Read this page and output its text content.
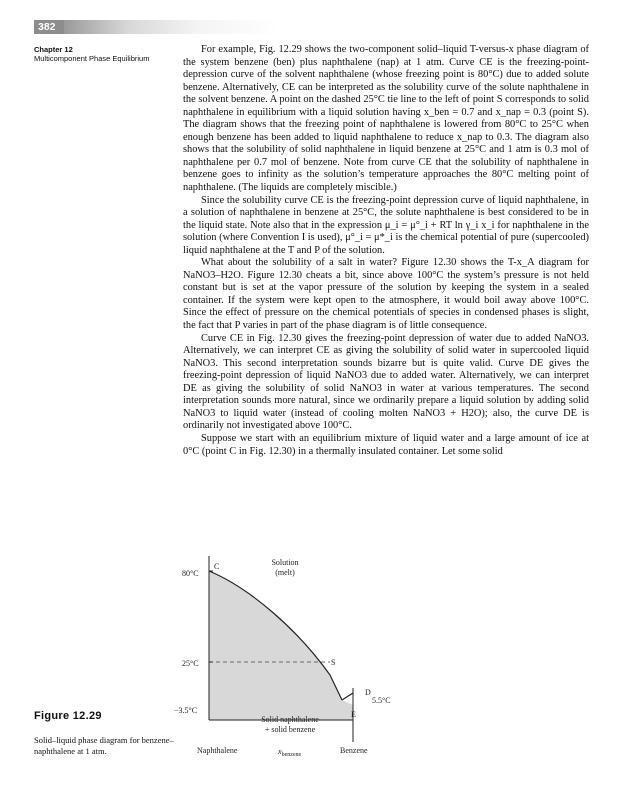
382
Chapter 12
Multicomponent Phase Equilibrium

For example, Fig. 12.29 shows the two-component solid–liquid T-versus-x phase diagram of the system benzene (ben) plus naphthalene (nap) at 1 atm. Curve CE is the freezing-point-depression curve of the solvent naphthalene (whose freezing point is 80°C) due to added solute benzene. Alternatively, CE can be interpreted as the solubility curve of the solute naphthalene in the solvent benzene. A point on the dashed 25°C tie line to the left of point S corresponds to solid naphthalene in equilibrium with a liquid solution having x_ben = 0.7 and x_nap = 0.3 (point S). The diagram shows that the freezing point of naphthalene is lowered from 80°C to 25°C when enough benzene has been added to liquid naphthalene to reduce x_nap to 0.3. The diagram also shows that the solubility of solid naphthalene in liquid benzene at 25°C and 1 atm is 0.3 mol of naphthalene per 0.7 mol of benzene. Note from curve CE that the solubility of naphthalene in benzene goes to infinity as the solution’s temperature approaches the 80°C melting point of naphthalene. (The liquids are completely miscible.)

Since the solubility curve CE is the freezing-point depression curve of liquid naphthalene, in a solution of naphthalene in benzene at 25°C, the solute naphthalene is best considered to be in the liquid state. Note also that in the expression μ_i = μ°_i + RT ln γ_i x_i for naphthalene in the solution (where Convention I is used), μ°_i = μ*_i is the chemical potential of pure (supercooled) liquid naphthalene at the T and P of the solution.

What about the solubility of a salt in water? Figure 12.30 shows the T-x_A diagram for NaNO3–H2O. Figure 12.30 cheats a bit, since above 100°C the system’s pressure is not held constant but is set at the vapor pressure of the solution by keeping the system in a sealed container. If the system were kept open to the atmosphere, it would boil away above 100°C. Since the effect of pressure on the chemical potentials of species in condensed phases is slight, the fact that P varies in part of the phase diagram is of little consequence.

Curve CE in Fig. 12.30 gives the freezing-point depression of water due to added NaNO3. Alternatively, we can interpret CE as giving the solubility of solid water in supercooled liquid NaNO3. This second interpretation sounds bizarre but is quite valid. Curve DE gives the freezing-point depression of liquid NaNO3 due to added water. Alternatively, we can interpret DE as giving the solubility of solid NaNO3 in water at various temperatures. The second interpretation sounds more natural, since we ordinarily prepare a liquid solution by adding solid NaNO3 to liquid water (instead of cooling molten NaNO3 + H2O); also, the curve DE is ordinarily not investigated above 100°C.

Suppose we start with an equilibrium mixture of liquid water and a large amount of ice at 0°C (point C in Fig. 12.30) in a thermally insulated container. Let some solid

80°C
25°C
−3.5°C
Solution
(melt)
Solid naphthalene
+ solid benzene
C
S
D
E
5.5°C
Naphthalene	Benzene
$x_{benzene}$
Figure 12.29
Solid–liquid phase diagram for benzene–naphthalene at 1 atm.
